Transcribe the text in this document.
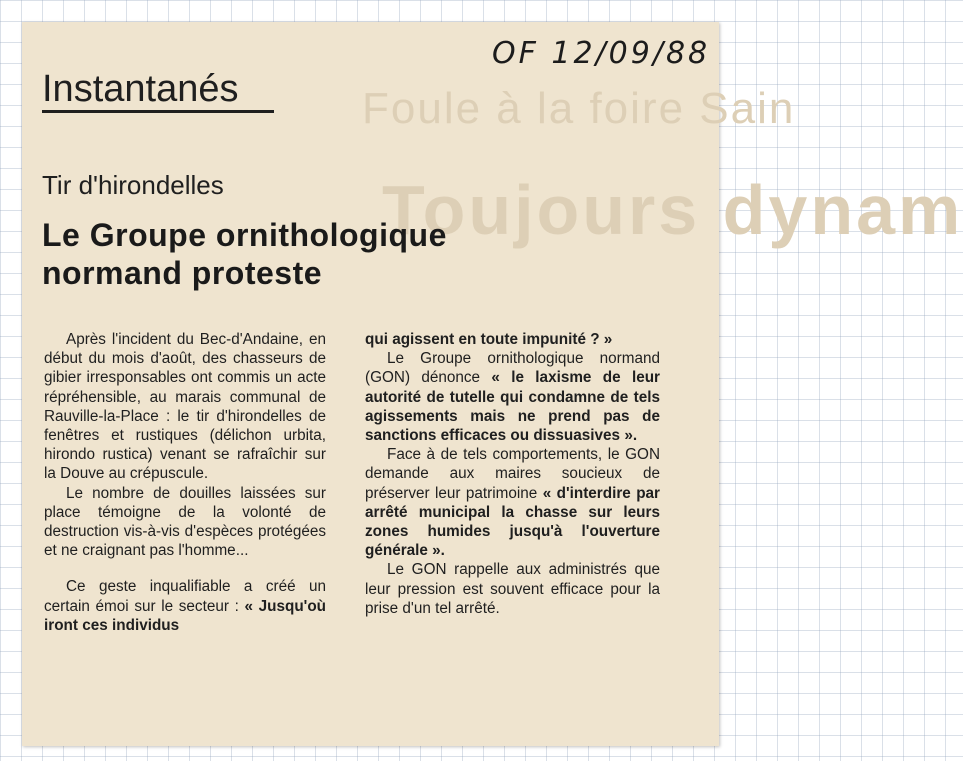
Foule à la foire Sain
Toujours dynam
OF 12/09/88
Instantanés
Tir d'hirondelles
Le Groupe ornithologique
normand proteste

Après l'incident du Bec-d'Andaine, en début du mois d'août, des chasseurs de gibier irresponsables ont commis un acte répréhensible, au marais communal de Rauville-la-Place : le tir d'hirondelles de fenêtres et rustiques (délichon urbita, hirondo rustica) venant se rafraîchir sur la Douve au crépuscule.

Le nombre de douilles laissées sur place témoigne de la volonté de destruction vis-à-vis d'espèces protégées et ne craignant pas l'homme...

Ce geste inqualifiable a créé un certain émoi sur le secteur : « Jusqu'où iront ces individus

qui agissent en toute impunité ? »

Le Groupe ornithologique normand (GON) dénonce « le laxisme de leur autorité de tutelle qui condamne de tels agissements mais ne prend pas de sanctions efficaces ou dissuasives ».

Face à de tels comportements, le GON demande aux maires soucieux de préserver leur patrimoine « d'interdire par arrêté municipal la chasse sur leurs zones humides jusqu'à l'ouverture générale ».

Le GON rappelle aux administrés que leur pression est souvent efficace pour la prise d'un tel arrêté.
